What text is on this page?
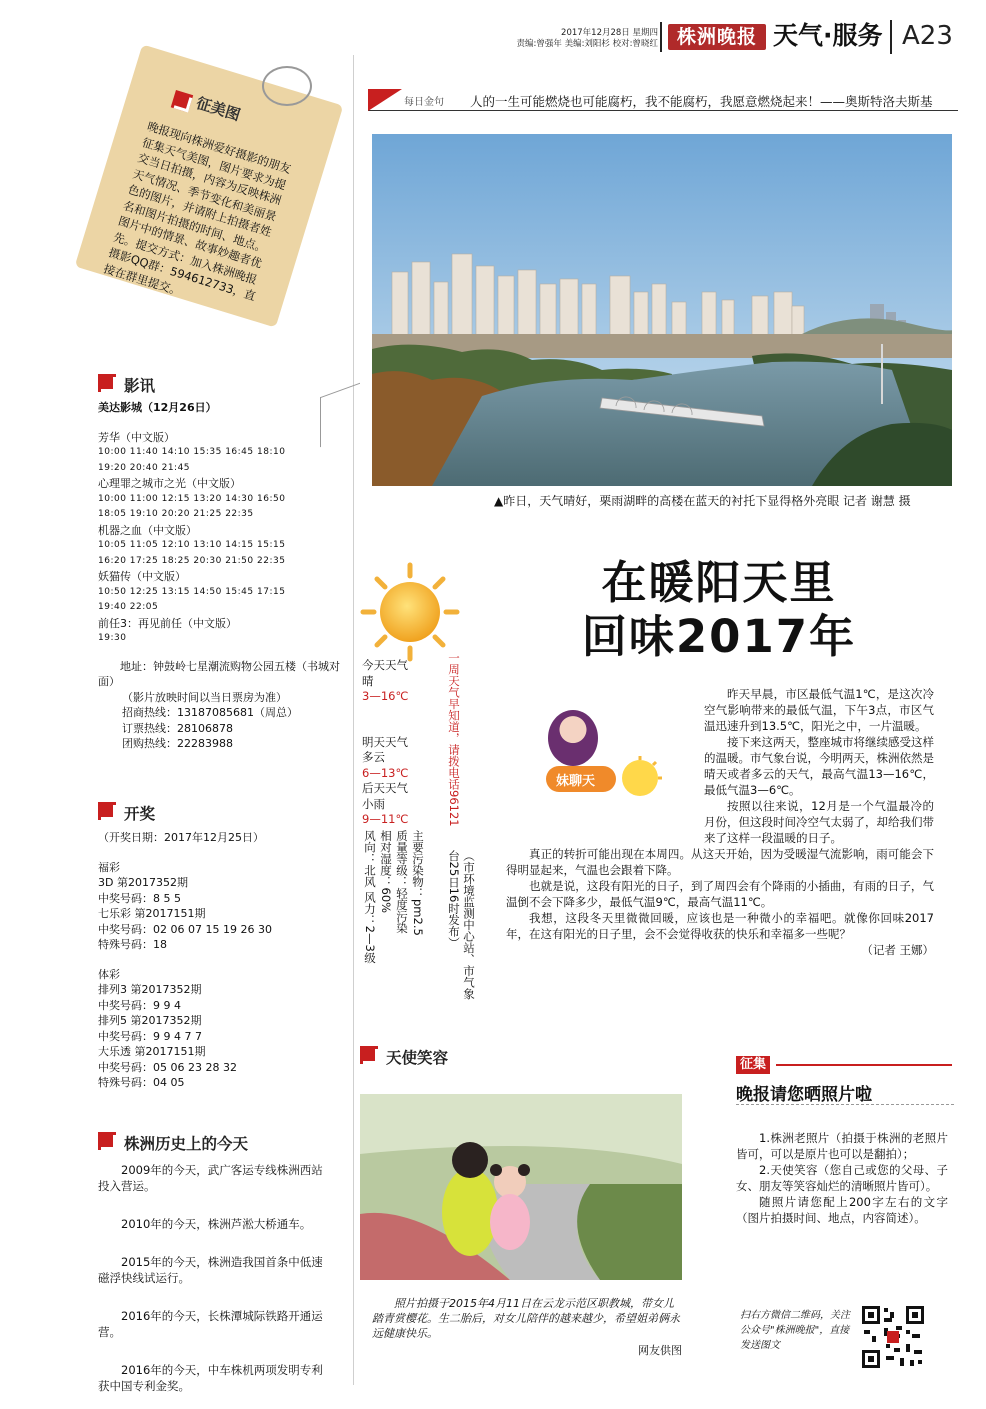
2017年12月28日 星期四
责编:曾强年 美编:刘阳杉 校对:曾晓红 株洲晚报 天气·服务 A23
每日金句 人的一生可能燃烧也可能腐朽，我不能腐朽，我愿意燃烧起来！——奥斯特洛夫斯基
▲昨日，天气晴好，栗雨湖畔的高楼在蓝天的衬托下显得格外亮眼 记者 谢慧 摄
征美图
晚报现向株洲爱好摄影的朋友征集天气美图，图片要求为提交当日拍摄，内容为反映株洲天气情况、季节变化和美丽景色的图片，并请附上拍摄者姓名和图片拍摄的时间、地点。图片中的情景、故事妙趣者优先。提交方式：加入株洲晚报摄影QQ群：594612733，直接在群里提交。
影讯
美达影城（12月26日）
芳华（中文版）
10:00 11:40 14:10 15:35 16:45 18:10
19:20 20:40 21:45
心理罪之城市之光（中文版）
10:00 11:00 12:15 13:20 14:30 16:50
18:05 19:10 20:20 21:25 22:35
机器之血（中文版）
10:05 11:05 12:10 13:10 14:15 15:15
16:20 17:25 18:25 20:30 21:50 22:35
妖猫传（中文版）
10:50 12:25 13:15 14:50 15:45 17:15
19:40 22:05
前任3：再见前任（中文版）
19:30
地址：钟鼓岭七星潮流购物公园五楼（书城对面）
（影片放映时间以当日票房为准）
招商热线：13187085681（周总）
订票热线：28106878
团购热线：22283988
开奖
（开奖日期：2017年12月25日）
福彩
3D 第2017352期
中奖号码：8 5 5
七乐彩 第2017151期
中奖号码：02 06 07 15 19 26 30
特殊号码：18
体彩
排列3 第2017352期
中奖号码：9 9 4
排列5 第2017352期
中奖号码：9 9 4 7 7
大乐透 第2017151期
中奖号码：05 06 23 28 32
特殊号码：04 05
株洲历史上的今天
2009年的今天，武广客运专线株洲西站投入营运。
2010年的今天，株洲芦淞大桥通车。
2015年的今天，株洲造我国首条中低速磁浮快线试运行。
2016年的今天，长株潭城际铁路开通运营。
2016年的今天，中车株机两项发明专利获中国专利金奖。
今天天气
晴
3—16℃
明天天气
多云
6—13℃
后天天气
小雨
9—11℃
风向：北风 风力：2—3级 相对湿度：60% 质量等级：轻度污染 主要污染物：pm2.5	（市环境监测中心站、市气象台25日16时发布）
一周天气早知道，请拨电话96121
在暖阳天里
回味2017年
妹聊天

昨天早晨，市区最低气温1℃，是这次冷空气影响带来的最低气温，下午3点，市区气温迅速升到13.5℃，阳光之中，一片温暖。

接下来这两天，整座城市将继续感受这样的温暖。市气象台说，今明两天，株洲依然是晴天或者多云的天气，最高气温13—16℃，最低气温3—6℃。

按照以往来说，12月是一个气温最冷的月份，但这段时间冷空气太弱了，却给我们带来了这样一段温暖的日子。

真正的转折可能出现在本周四。从这天开始，因为受暖湿气流影响，雨可能会下得明显起来，气温也会跟着下降。

也就是说，这段有阳光的日子，到了周四会有个降雨的小插曲，有雨的日子，气温倒不会下降多少，最低气温9℃，最高气温11℃。

我想，这段冬天里微微回暖，应该也是一种微小的幸福吧。就像你回味2017年，在这有阳光的日子里，会不会觉得收获的快乐和幸福多一些呢？

（记者 王娜）

天使笑容
照片拍摄于2015年4月11日在云龙示范区职教城，带女儿踏青赏樱花。生二胎后，对女儿陪伴的越来越少，希望姐弟俩永远健康快乐。
网友供图
征集
晚报请您晒照片啦

1.株洲老照片（拍摄于株洲的老照片皆可，可以是原片也可以是翻拍）；

2.天使笑容（您自己或您的父母、子女、朋友等笑容灿烂的清晰照片皆可）。

随照片请您配上200字左右的文字（图片拍摄时间、地点，内容简述）。

扫右方微信二维码，关注公众号"株洲晚报"，直接发送图文
